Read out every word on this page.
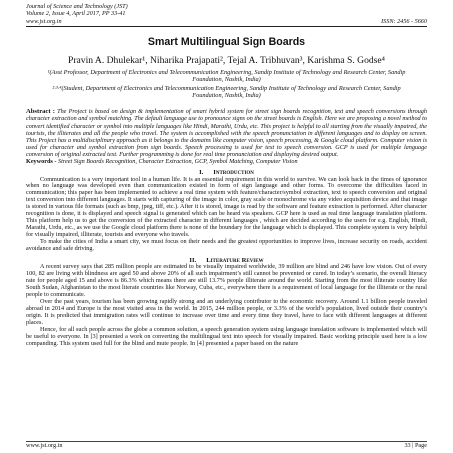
Journal of Science and Technology (JST)
Volume 2, Issue 4, April 2017, PP 33-41
www.jst.org.in	ISSN: 2456 - 5660
Smart Multilingual Sign Boards
Pravin A. Dhulekar¹, Niharika Prajapati², Tejal A. Tribhuvan³, Karishma S. Godse⁴
¹(Asst Professor, Department of Electronics and Telecommunication Engineering, Sandip Institute of Technology and Research Center, Sandip Foundation, Nashik, India)
²·³·⁴(Student, Department of Electronics and Telecommunication Engineering, Sandip Institute of Technology and Research Center, Sandip Foundation, Nashik, India)
Abstract : The Project is based on design & implementation of smart hybrid system for street sign boards recognition, text and speech conversions through character extraction and symbol matching. The default language use to pronounce signs on the street boards is English. Here we are proposing a novel method to convert identified character or symbol into multiple languages like Hindi, Marathi, Urdu, etc. This project is helpful to all starting from the visually impaired, the tourists, the illiterates and all the people who travel. The system is accomplished with the speech pronunciation in different languages and to display on screen. This Project has a multidisciplinary approach as it belongs to the domains like computer vision, speech processing, & Google cloud platform. Computer vision is used for character and symbol extraction from sign boards. Speech processing is used for text to speech conversion. GCP is used for multiple language conversion of original extracted text. Further programming is done for real time pronunciation and displaying desired output.
Keywords - Street Sign Boards Recognition, Character Extraction, GCP, Symbol Matching, Computer Vision
I. Introduction

Communication is a very important tool in a human life. It is an essential requirement in this world to survive. We can look back in the times of ignorance when no language was developed even than communication existed in form of sign language and other forms. To overcome the difficulties faced in communication; this paper has been implemented to achieve a real time system with feature/character/symbol extraction, text to speech conversion and original text conversion into different languages. It starts with capturing of the image in color, gray scale or monochrome via any video acquisition device and that image is stored in various file formats (such as bmp, jpeg, tiff, etc.). After it is stored, image is read by the software and feature extraction is performed. After character recognition is done, it is displayed and speech signal is generated which can be heard via speakers. GCP here is used as real time language translation platform. This platform help us to get the conversion of the extracted character in different languages , which are decided according to the users for e.g. English, Hindi, Marathi, Urdu, etc., as we use the Google cloud platform there is none of the boundary for the language which is displayed. This complete system is very helpful for visually impaired, illiterate, tourists and everyone who travels.

To make the cities of India a smart city, we must focus on their needs and the greatest opportunities to improve lives, increase security on roads, accident avoidance and safe driving.

II. Literature Review

A recent survey says that 285 million people are estimated to be visually impaired worldwide, 39 million are blind and 246 have low vision. Out of every 100, 82 are living with blindness are aged 50 and above 20% of all such impairment’s still cannot be prevented or cured. In today’s scenario, the overall literacy rate for people aged 15 and above is 86.3% which means there are still 13.7% people illiterate around the world. Starting from the most illiterate country like South Sudan, Afghanistan to the most literate countries like Norway, Cuba, etc., everywhere there is a requirement of local language for the illiterate or the rural people to communicate.

Over the past years, tourism has been growing rapidly strong and an underlying contributor to the economic recovery. Around 1.1 billion people traveled abroad in 2014 and Europe is the most visited area in the world. In 2015, 244 million people, or 3.3% of the world’s population, lived outside their country’s origin. It is predicted that immigration rates will continue to increase over time and every time they travel, have to face with different languages at different places.

Hence, for all such people across the globe a common solution, a speech generation system using language translation software is implemented which will be useful to everyone. In [3] presented a work on converting the multilingual text into speech for visually impaired. Basic working principle used here is a low companding. This system used full for the blind and mute people. In [4] presented a paper based on the nature

www.jst.org.in	33 | Page
